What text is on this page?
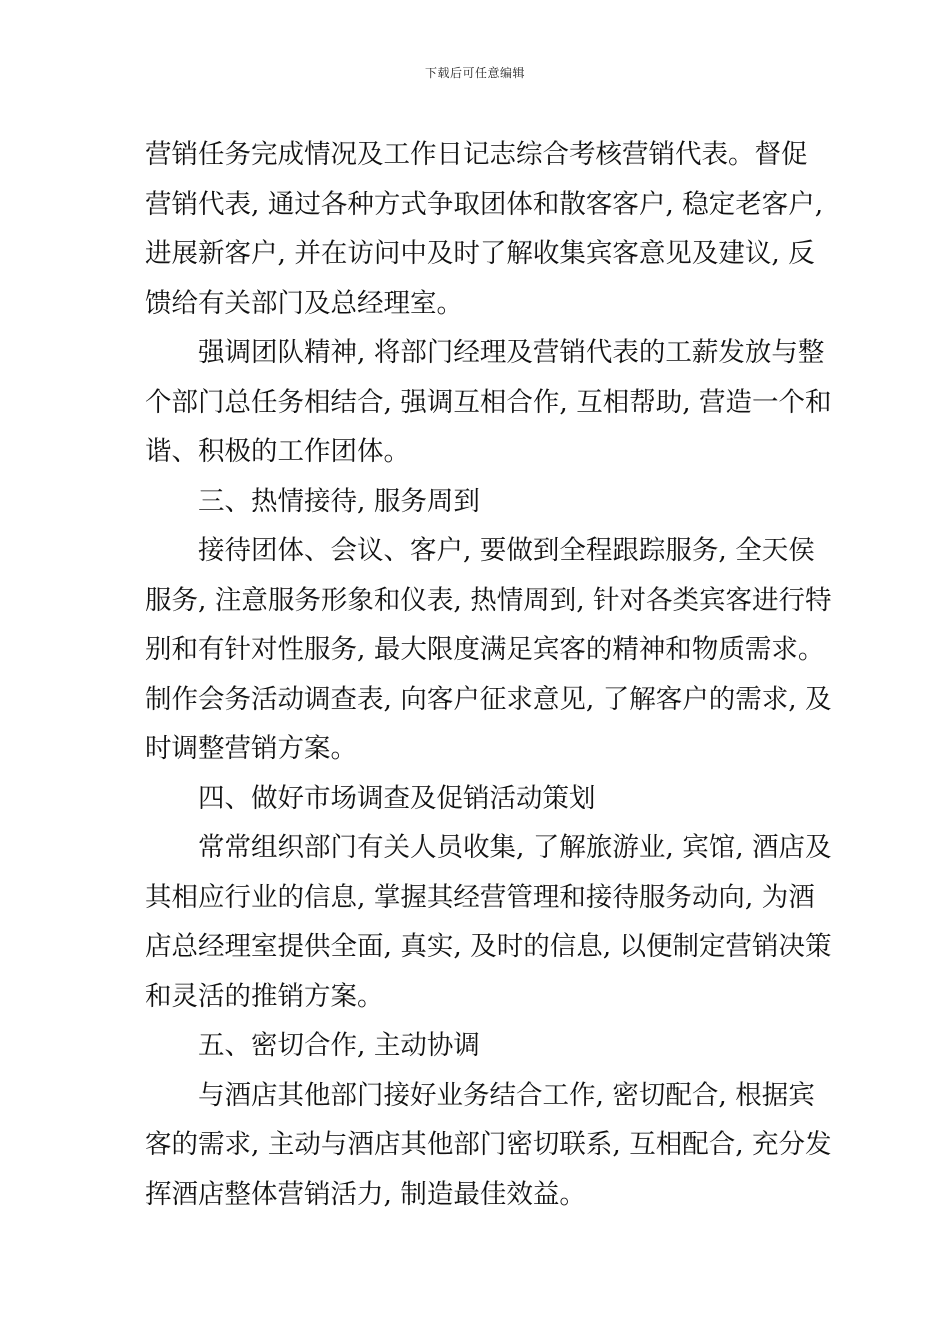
下载后可任意编辑
营销任务完成情况及工作日记志综合考核营销代表。督促
营销代表, 通过各种方式争取团体和散客客户, 稳定老客户,
进展新客户, 并在访问中及时了解收集宾客意见及建议, 反
馈给有关部门及总经理室。
强调团队精神, 将部门经理及营销代表的工薪发放与整
个部门总任务相结合, 强调互相合作, 互相帮助, 营造一个和
谐、积极的工作团体。
三、热情接待, 服务周到
接待团体、会议、客户, 要做到全程跟踪服务, 全天侯
服务, 注意服务形象和仪表, 热情周到, 针对各类宾客进行特
别和有针对性服务, 最大限度满足宾客的精神和物质需求。
制作会务活动调查表, 向客户征求意见, 了解客户的需求, 及
时调整营销方案。
四、做好市场调查及促销活动策划
常常组织部门有关人员收集, 了解旅游业, 宾馆, 酒店及
其相应行业的信息, 掌握其经营管理和接待服务动向, 为酒
店总经理室提供全面, 真实, 及时的信息, 以便制定营销决策
和灵活的推销方案。
五、密切合作, 主动协调
与酒店其他部门接好业务结合工作, 密切配合, 根据宾
客的需求, 主动与酒店其他部门密切联系, 互相配合, 充分发
挥酒店整体营销活力, 制造最佳效益。
